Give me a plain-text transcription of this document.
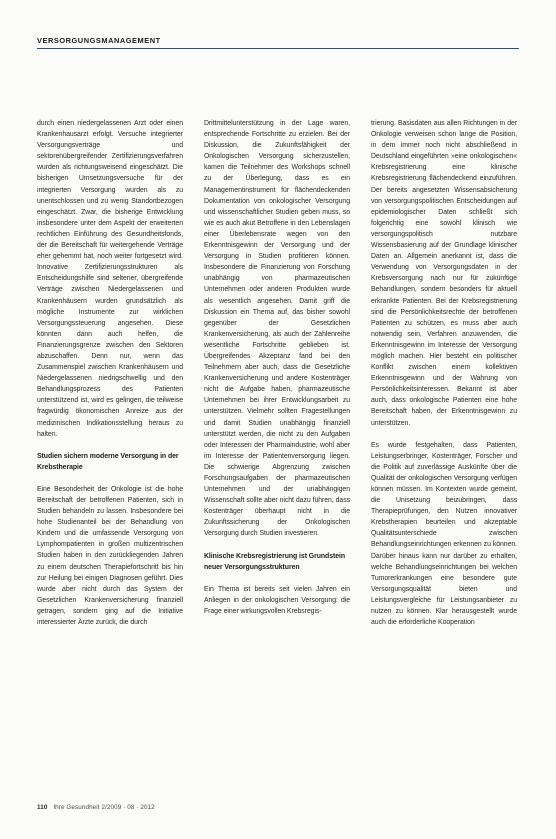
VERSORGUNGSMANAGEMENT

durch einen niedergelassenen Arzt oder einen Krankenhausarzt erfolgt. Versuche integrierter Versorgungsverträge und sektorenübergreifender Zertifizierungsverfahren wurden als richtungsweisend eingeschätzt. Die bisherigen Umsetzungsversuche für der integrierten Versorgung wurden als zu unentschlossen und zu wenig Standortbezogen eingeschätzt. Zwar, die bisherige Entwicklung insbesondere unter dem Aspekt der erweiterten rechtlichen Einführung des Gesundheitsfonds, der die Bereitschaft für weitergehende Verträge eher gehemmt hat, noch weiter fortgesetzt wird. Innovative Zertifizierungsstrukturen als Entscheidungshilfe sind seltener, übergreifende Verträge zwischen Niedergelassenen und Krankenhäusern wurden grundsätzlich als mögliche Instrumente zur wirklichen Versorgungssteuerung angesehen. Diese könnten dann auch helfen, die Finanzierungsgrenze zwischen den Sektoren abzuschaffen. Denn nur, wenn das Zusammenspiel zwischen Krankenhäusern und Niedergelassenen niedrigschwellig und den Behandlungsprozess des Patienten unterstützend ist, wird es gelingen, die teilweise fragwürdig ökonomischen Anreize aus der medizinischen Indikationsstellung heraus zu halten.

Studien sichern moderne Versorgung in der Krebstherapie

Eine Besonderheit der Onkologie ist die hohe Bereitschaft der betroffenen Patienten, sich in Studien behandeln zu lassen. Insbesondere bei hohe Studienanteil bei der Behandlung von Kindern und die umfassende Versorgung von Lymphompatienten in großen multizentrischen Studien haben in den zurückliegenden Jahren zu einem deutschen Therapiefortschritt bis hin zur Heilung bei einigen Diagnosen geführt. Dies wurde aber nicht durch das System der Gesetzlichen Krankenversicherung finanziell getragen, sondern ging auf die Initiative interessierter Ärzte zurück, die durch

Drittmittelunterstützung in der Lage waren, entsprechende Fortschritte zu erzielen. Bei der Diskussion, die Zukunftsfähigkeit der Onkologischen Versorgung sicherzustellen, kamen die Teilnehmer des Workshops schnell zu der Überlegung, dass es ein Managementinstrument für flächendeckenden Dokumentation von onkologischer Versorgung und wissenschaftlicher Studien geben muss, so wie es auch akut Betroffene in den Lebenslagen einer Überlebensrate wegen von den Erkenntnisgewinn der Versorgung und der Versorgung in Studien profitieren können. Insbesondere die Finanzierung von Forschung unabhängig von pharmazeutischen Unternehmen oder anderen Produkten wurde als wesentlich angesehen. Damit griff die Diskussion ein Thema auf, das bisher sowohl gegenüber der Gesetzlichen Krankenversicherung, als auch der Zahlenreihe wesentliche Fortschritte geblieben ist. Übergreifendes Akzeptanz fand bei den Teilnehmern aber auch, dass die Gesetzliche Krankenversicherung und andere Kostenträger nicht die Aufgabe haben, pharmazeutische Unternehmen bei ihrer Entwicklungsarbeit zu unterstützen. Vielmehr sollten Fragestellungen und damit Studien unabhängig finanziell unterstützt werden, die nicht zu den Aufgaben oder Interessen der Pharmaindustrie, wohl aber im Interesse der Patientenversorgung liegen. Die schwierige Abgrenzung zwischen Forschungsaufgaben der pharmazeutischen Unternehmen und der unabhängigen Wissenschaft sollte aber nicht dazu führen, dass Kostenträger überhaupt nicht in die Zukunftssicherung der Onkologischen Versorgung durch Studien investieren.

Klinische Krebsregistrierung ist Grundstein neuer Versorgungsstrukturen

Ein Thema ist bereits seit vielen Jahren ein Anliegen in der onkologischen Versorgung: die Frage einer wirkungsvollen Krebsregis-

trierung. Basisdaten aus allen Richtungen in der Onkologie verweisen schon lange die Position, in dem immer noch nicht abschließend in Deutschland eingeführten »eine onkologischen« Krebsregistrierung eine klinische Krebsregistrierung flächendeckend einzuführen. Der bereits angesetzten Wissensabsicherung von versorgungspolitischen Entscheidungen auf epidemiologischer Daten schließt sich folgerichtig eine sowohl klinisch wie versorgungspolitisch nutzbare Wissensbasierung auf der Grundlage klinischer Daten an. Allgemein anerkannt ist, dass die Verwendung von Versorgungsdaten in der Krebsversorgung nach nur für zukünftige Behandlungen, sondern besonders für aktuell erkrankte Patienten. Bei der Krebsregistrierung sind die Persönlichkeitsrechte der betroffenen Patienten zu schützen, es muss aber auch notwendig sein, Verfahren anzuwenden, die Erkenntnisgewinn im Interesse der Versorgung möglich machen. Hier besteht ein politischer Konflikt zwischen einem kollektiven Erkenntnisgewinn und der Wahrung von Persönlichkeitsinteressen. Bekannt ist aber auch, dass onkologische Patienten eine hohe Bereitschaft haben, der Erkenntnisgewinn zu unterstützen.

Es wurde festgehalten, dass Patienten, Leistungserbringer, Kostenträger, Forscher und die Politik auf zuverlässige Auskünfte über die Qualität der onkologischen Versorgung verfügen können müssen. Im Kontexten wurde gemeint, die Unisetzung beizubringen, dass Therapieprüfungen, den Nutzen innovativer Krebstherapien beurteilen und akzeptable Qualitätsunterschiede zwischen Behandlungseinrichtungen erkennen zu können. Darüber hinaus kann nur darüber zu erhalten, welche Behandlungseinrichtungen bei welchen Tumorerkrankungen eine besondere gute Versorgungsqualität bieten und Leistungsvergleiche für Leistungsanbieter zu nutzen zu können. Klar herausgestellt wurde auch die erforderliche Kooperation

110 Ihre Gesundheit 2/2009 · 08 · 2012
